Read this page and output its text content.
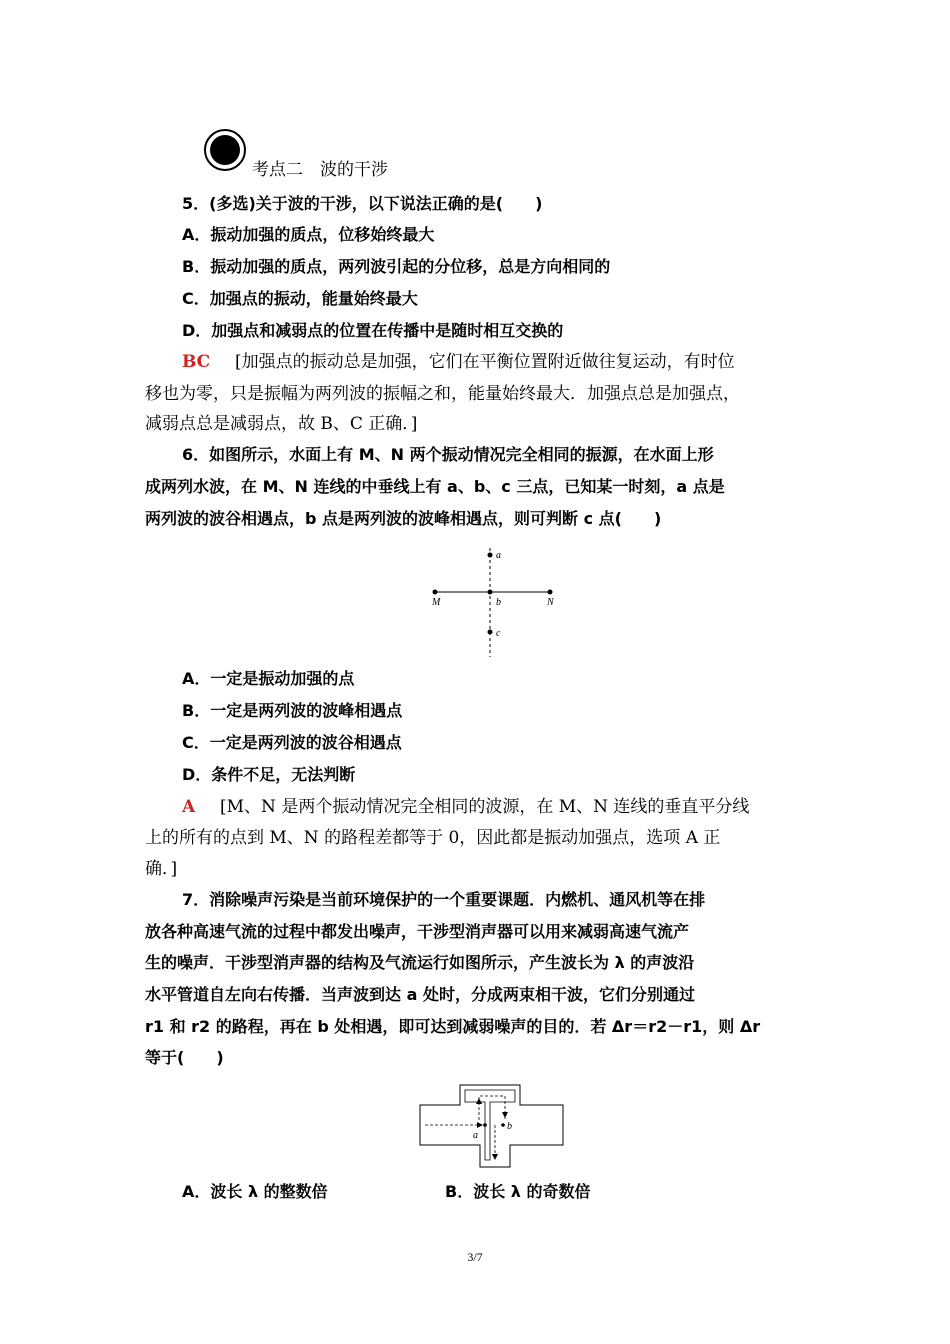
考点二　波的干涉
5．(多选)关于波的干涉，以下说法正确的是(　　)
A．振动加强的质点，位移始终最大
B．振动加强的质点，两列波引起的分位移，总是方向相同的
C．加强点的振动，能量始终最大
D．加强点和减弱点的位置在传播中是随时相互交换的
BC [加强点的振动总是加强，它们在平衡位置附近做往复运动，有时位
移也为零，只是振幅为两列波的振幅之和，能量始终最大．加强点总是加强点，
减弱点总是减弱点，故 B、C 正确．]
6．如图所示，水面上有 M、N 两个振动情况完全相同的振源，在水面上形
成两列水波，在 M、N 连线的中垂线上有 a、b、c 三点，已知某一时刻，a 点是
两列波的波谷相遇点，b 点是两列波的波峰相遇点，则可判断 c 点(　　)
a
b
c
M	N
A．一定是振动加强的点
B．一定是两列波的波峰相遇点
C．一定是两列波的波谷相遇点
D．条件不足，无法判断
A [M、N 是两个振动情况完全相同的波源，在 M、N 连线的垂直平分线
上的所有的点到 M、N 的路程差都等于 0，因此都是振动加强点，选项 A 正
确．]
7．消除噪声污染是当前环境保护的一个重要课题．内燃机、通风机等在排
放各种高速气流的过程中都发出噪声，干涉型消声器可以用来减弱高速气流产
生的噪声．干涉型消声器的结构及气流运行如图所示，产生波长为 λ 的声波沿
水平管道自左向右传播．当声波到达 a 处时，分成两束相干波，它们分别通过
r1 和 r2 的路程，再在 b 处相遇，即可达到减弱噪声的目的．若 Δr＝r2－r1，则 Δr
等于(　　)
a
b
A．波长 λ 的整数倍	B．波长 λ 的奇数倍
3/7
